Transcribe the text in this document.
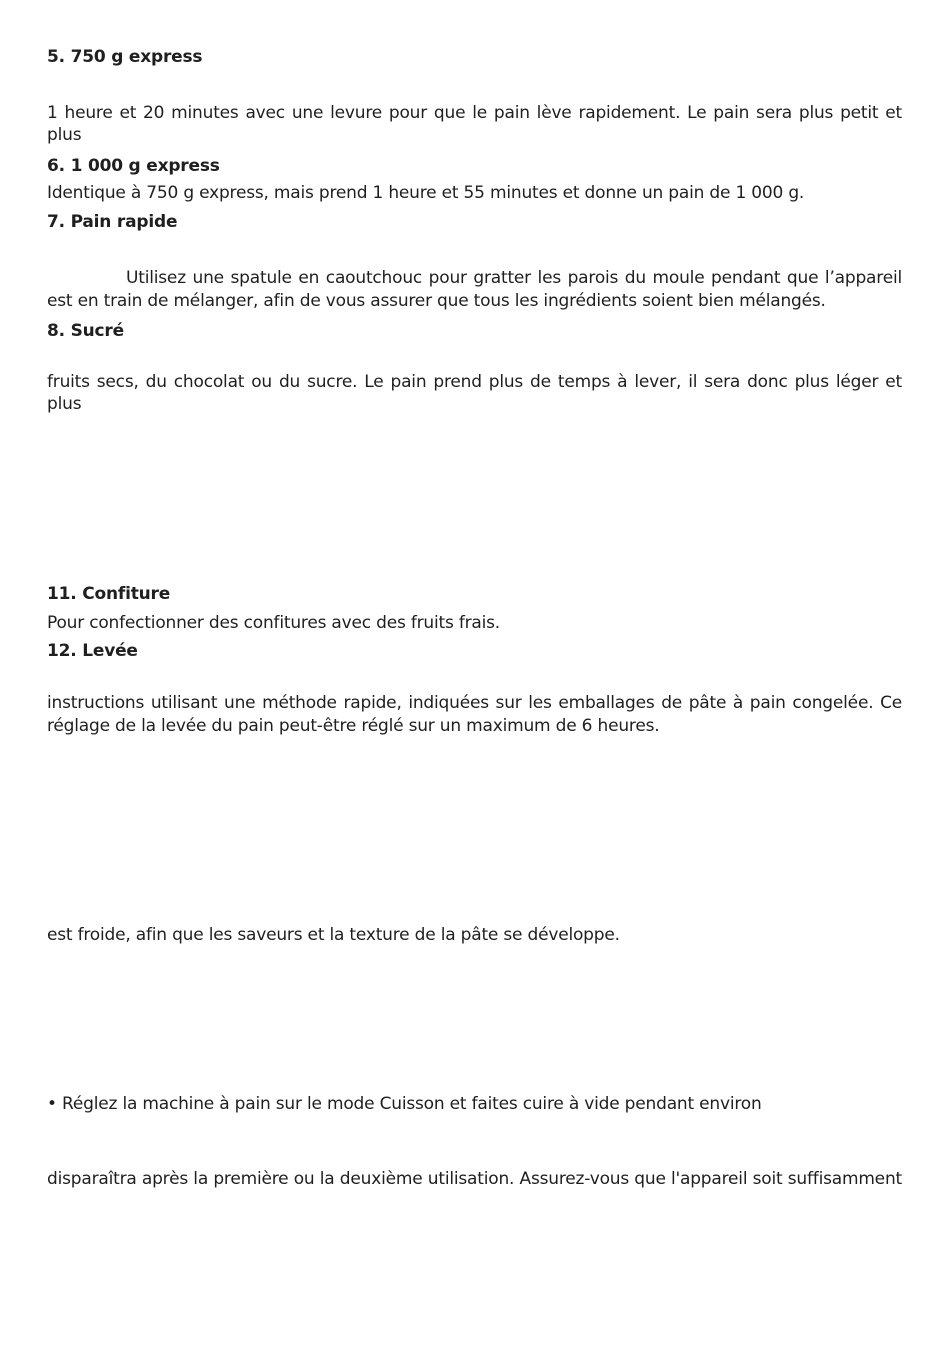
5. 750 g express
1 heure et 20 minutes avec une levure pour que le pain lève rapidement. Le pain sera plus petit et plus
6. 1 000 g express
Identique à 750 g express, mais prend 1 heure et 55 minutes et donne un pain de 1 000 g.
7. Pain rapide
Utilisez une spatule en caoutchouc pour gratter les parois du moule pendant que l’appareil est en train de mélanger, afin de vous assurer que tous les ingrédients soient bien mélangés.
8. Sucré
fruits secs, du chocolat ou du sucre. Le pain prend plus de temps à lever, il sera donc plus léger et plus
11. Confiture
Pour confectionner des confitures avec des fruits frais.
12. Levée
instructions utilisant une méthode rapide, indiquées sur les emballages de pâte à pain congelée. Ce réglage de la levée du pain peut-être réglé sur un maximum de 6 heures.
est froide, afin que les saveurs et la texture de la pâte se développe.
• Réglez la machine à pain sur le mode Cuisson et faites cuire à vide pendant environ
disparaîtra après la première ou la deuxième utilisation. Assurez-vous que l'appareil soit suffisamment
